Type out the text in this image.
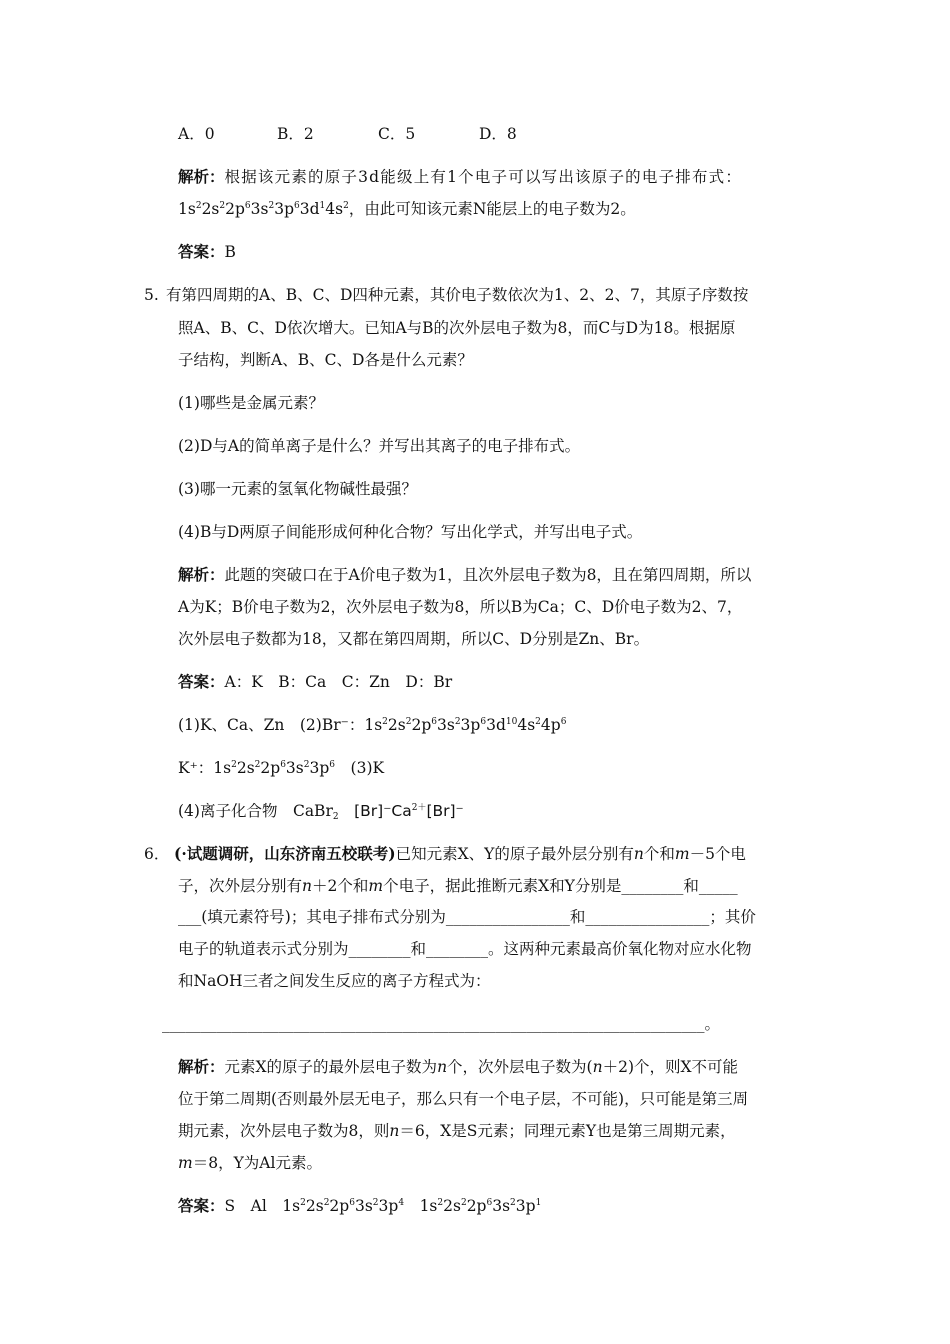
A．0	B．2	C．5	D．8
解析： 根据该元素的原子3d能级上有1个电子可以写出该原子的电子排布式：
$1s^22s^22p^63s^23p^63d^14s^2$，由此可知该元素N能层上的电子数为2。
答案：B
5. 有第四周期的A、B、C、D四种元素，其价电子数依次为1、2、2、7，其原子序数按
照A、B、C、D依次增大。已知A与B的次外层电子数为8，而C与D为18。根据原
子结构，判断A、B、C、D各是什么元素？
(1)哪些是金属元素？
(2)D与A的简单离子是什么？并写出其离子的电子排布式。
(3)哪一元素的氢氧化物碱性最强？
(4)B与D两原子间能形成何种化合物？写出化学式，并写出电子式。
解析：此题的突破口在于A价电子数为1，且次外层电子数为8，且在第四周期，所以
A为K；B价电子数为2，次外层电子数为8，所以B为Ca；C、D价电子数为2、7，
次外层电子数都为18，又都在第四周期，所以C、D分别是Zn、Br。
答案：A：K　B：Ca　C：Zn　D：Br
(1)K、Ca、Zn　(2)Br⁻：$1s^22s^22p^63s^23p^63d^{10}4s^24p^6$
K⁺：$1s^22s^22p^63s^23p^6$　 (3)K
(4)离子化合物　CaBr$_2$　 $[Br]^-Ca^{2+}[Br]^-$
6． (·试题调研，山东济南五校联考)已知元素X、Y的原子最外层分别有n个和m－5个电
子，次外层分别有n＋2个和m个电子，据此推断元素X和Y分别是________和_____
___(填元素符号)；其电子排布式分别为________________和________________；其价
电子的轨道表示式分别为________和________。这两种元素最高价氧化物对应水化物
和NaOH三者之间发生反应的离子方程式为：
______________________________________________________________________。
解析：元素X的原子的最外层电子数为n个，次外层电子数为(n＋2)个，则X不可能
位于第二周期(否则最外层无电子，那么只有一个电子层，不可能)，只可能是第三周
期元素，次外层电子数为8，则n＝6，X是S元素；同理元素Y也是第三周期元素，
m＝8，Y为Al元素。
答案：S　Al　$1s^22s^22p^63s^23p^4$　 $1s^22s^22p^63s^23p^1$
